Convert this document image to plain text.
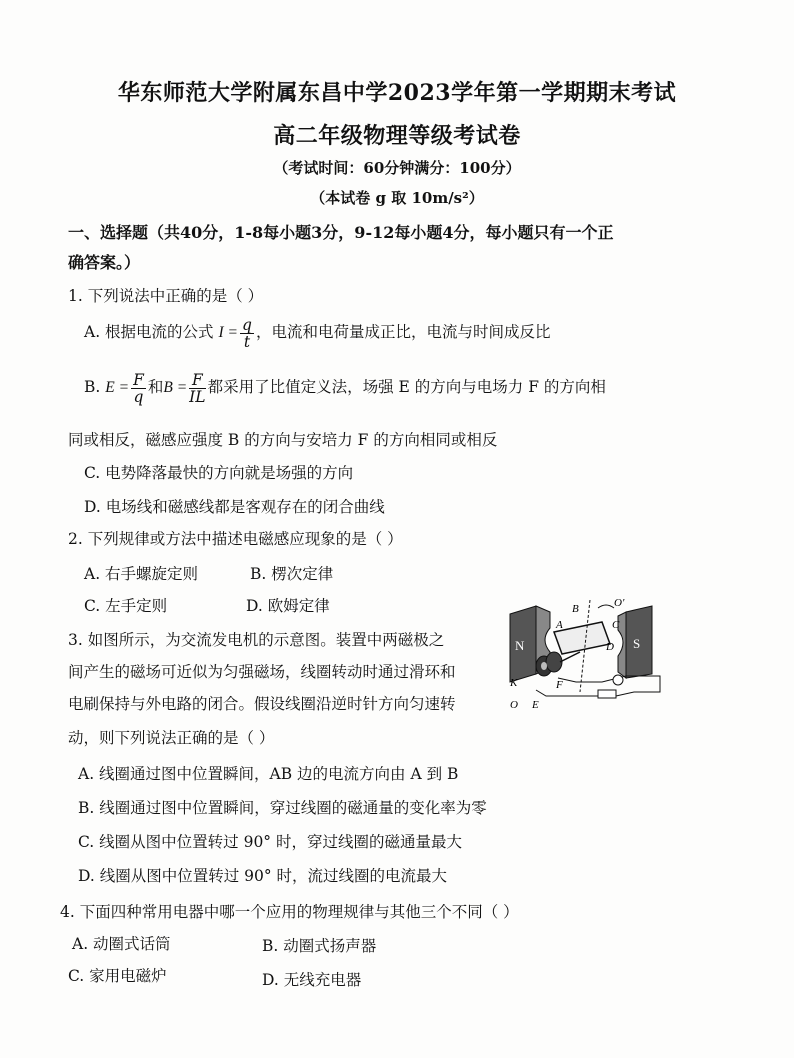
华东师范大学附属东昌中学2023学年第一学期期末考试
高二年级物理等级考试卷
（考试时间：60分钟满分：100分）
（本试卷 g 取 10m/s²）
一、选择题（共40分，1-8每小题3分，9-12每小题4分，每小题只有一个正
确答案。）
1. 下列说法中正确的是（ ）
A. 根据电流的公式 $I = \frac{q}{t}$ ，电流和电荷量成正比，电流与时间成反比
B. $E = \frac{F}{q}$ 和$B = \frac{F}{IL}$ 都采用了比值定义法，场强 E 的方向与电场力 F 的方向相
同或相反，磁感应强度 B 的方向与安培力 F 的方向相同或相反
C. 电势降落最快的方向就是场强的方向
D. 电场线和磁感线都是客观存在的闭合曲线
2. 下列规律或方法中描述电磁感应现象的是（ ）
A. 右手螺旋定则	B. 楞次定律
C. 左手定则	D. 欧姆定律
3. 如图所示，为交流发电机的示意图。装置中两磁极之
间产生的磁场可近似为匀强磁场，线圈转动时通过滑环和
电刷保持与外电路的闭合。假设线圈沿逆时针方向匀速转
动，则下列说法正确的是（ ）
A. 线圈通过图中位置瞬间，AB 边的电流方向由 A 到 B
B. 线圈通过图中位置瞬间，穿过线圈的磁通量的变化率为零
C. 线圈从图中位置转过 90° 时，穿过线圈的磁通量最大
D. 线圈从图中位置转过 90° 时，流过线圈的电流最大
N	S
B	O'
C
D
A
K	F
O E
4. 下面四种常用电器中哪一个应用的物理规律与其他三个不同（ ）
A. 动圈式话筒	B. 动圈式扬声器
C. 家用电磁炉	D. 无线充电器
